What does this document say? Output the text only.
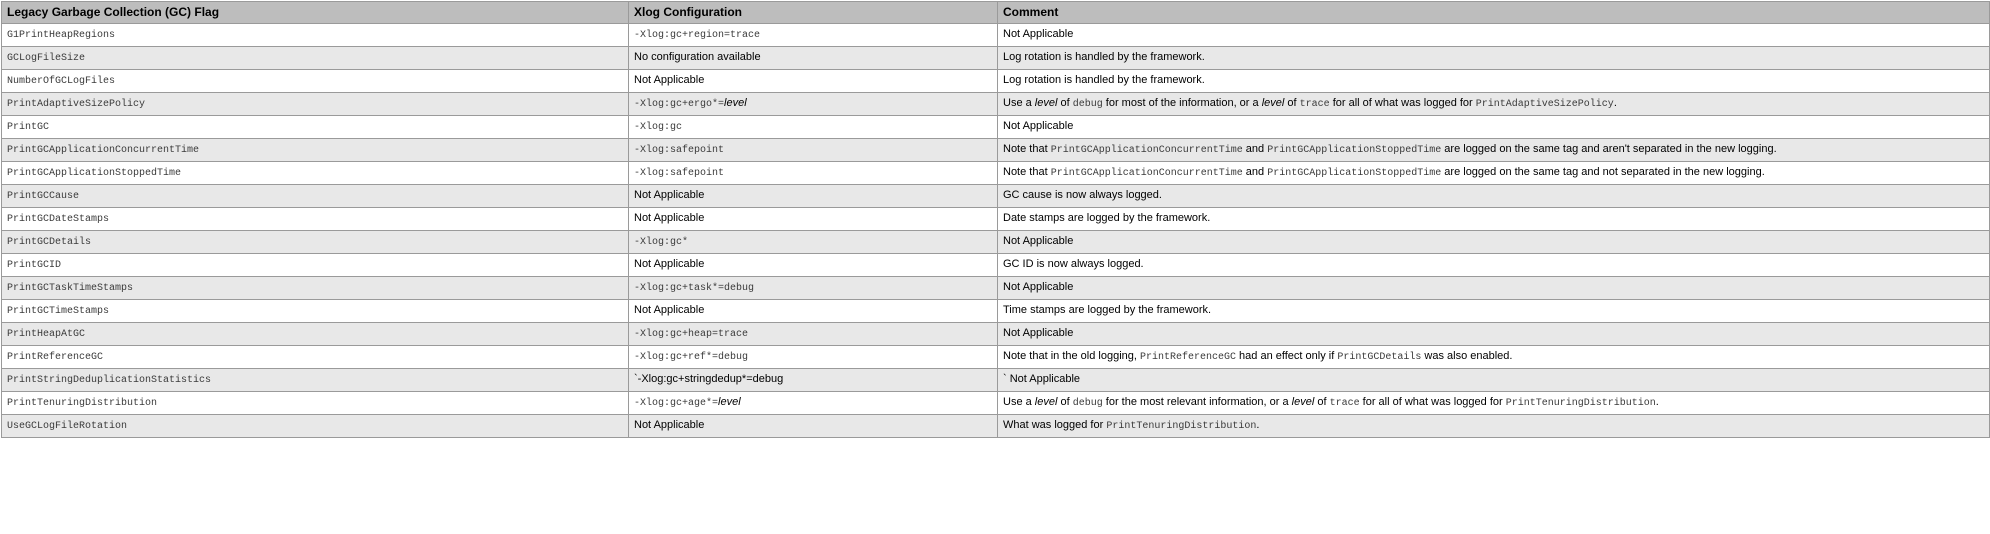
Legacy Garbage Collection (GC) Flag	Xlog Configuration	Comment
G1PrintHeapRegions	-Xlog:gc+region=trace	Not Applicable
GCLogFileSize	No configuration available	Log rotation is handled by the framework.
NumberOfGCLogFiles	Not Applicable	Log rotation is handled by the framework.
PrintAdaptiveSizePolicy	-Xlog:gc+ergo*=level	Use a level of debug for most of the information, or a level of trace for all of what was logged for PrintAdaptiveSizePolicy.
PrintGC	-Xlog:gc	Not Applicable
PrintGCApplicationConcurrentTime	-Xlog:safepoint	Note that PrintGCApplicationConcurrentTime and PrintGCApplicationStoppedTime are logged on the same tag and aren't separated in the new logging.
PrintGCApplicationStoppedTime	-Xlog:safepoint	Note that PrintGCApplicationConcurrentTime and PrintGCApplicationStoppedTime are logged on the same tag and not separated in the new logging.
PrintGCCause	Not Applicable	GC cause is now always logged.
PrintGCDateStamps	Not Applicable	Date stamps are logged by the framework.
PrintGCDetails	-Xlog:gc*	Not Applicable
PrintGCID	Not Applicable	GC ID is now always logged.
PrintGCTaskTimeStamps	-Xlog:gc+task*=debug	Not Applicable
PrintGCTimeStamps	Not Applicable	Time stamps are logged by the framework.
PrintHeapAtGC	-Xlog:gc+heap=trace	Not Applicable
PrintReferenceGC	-Xlog:gc+ref*=debug	Note that in the old logging, PrintReferenceGC had an effect only if PrintGCDetails was also enabled.
PrintStringDeduplicationStatistics	`-Xlog:gc+stringdedup*=debug	` Not Applicable
PrintTenuringDistribution	-Xlog:gc+age*=level	Use a level of debug for the most relevant information, or a level of trace for all of what was logged for PrintTenuringDistribution.
UseGCLogFileRotation	Not Applicable	What was logged for PrintTenuringDistribution.
